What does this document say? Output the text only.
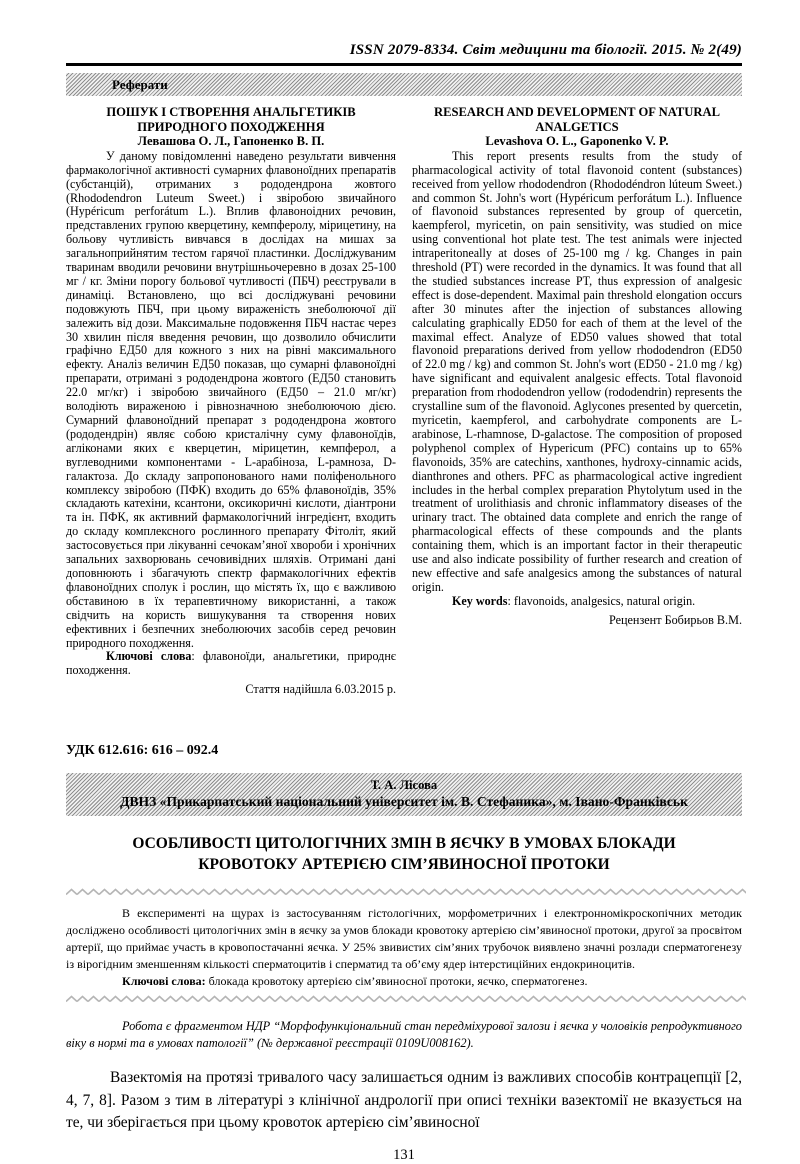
ISSN 2079-8334. Світ медицини та біології. 2015. № 2(49)
Реферати
ПОШУК І СТВОРЕННЯ АНАЛЬГЕТИКІВ ПРИРОДНОГО ПОХОДЖЕННЯ
Левашова О. Л., Гапоненко В. П.

У даному повідомленні наведено результати вивчення фармакологічної активності сумарних флавоноїдних препаратів (субстанцій), отриманих з рододендрона жовтого (Rhododendron Luteum Sweet.) і звіробою звичайного (Hypéricum perforátum L.). Вплив флавоноідних речовин, представлених групою кверцетину, кемпферолу, мірицетину, на больову чутливість вивчався в дослідах на мишах за загальноприйнятим тестом гарячої пластинки. Досліджуваним тваринам вводили речовини внутрішньочеревно в дозах 25-100 мг / кг. Зміни порогу больової чутливості (ПБЧ) реєстрували в динаміці. Встановлено, що всі досліджувані речовини подовжують ПБЧ, при цьому вираженість знеболюючої дії залежить від дози. Максимальне подовження ПБЧ настає через 30 хвилин після введення речовин, що дозволило обчислити графічно ЕД50 для кожного з них на рівні максимального ефекту. Аналіз величин ЕД50 показав, що сумарні флавоноїдні препарати, отримані з рододендрона жовтого (ЕД50 становить 22.0 мг/кг) і звіробою звичайного (ЕД50 – 21.0 мг/кг) володіють вираженою і рівнозначною знеболюючою дією. Сумарний флавоноїдний препарат з рододендрона жовтого (рододендрін) являє собою кристалічну суму флавоноїдів, агліконами яких є кверцетин, мірицетин, кемпферол, а вуглеводними компонентами - L-арабіноза, L-рамноза, D-галактоза. До складу запропонованого нами поліфенольного комплексу звіробою (ПФК) входить до 65% флавоноїдів, 35% складають катехіни, ксантони, оксикоричні кислоти, діантрони та ін. ПФК, як активний фармакологічний інгредієнт, входить до складу комплексного рослинного препарату Фітоліт, який застосовується при лікуванні сечокам’яної хвороби і хронічних запальних захворювань сечовивідних шляхів. Отримані дані доповнюють і збагачують спектр фармакологічних ефектів флавоноїдних сполук і рослин, що містять їх, що є важливою обставиною в їх терапевтичному використанні, а також свідчить на користь вишукування та створення нових ефективних і безпечних знеболюючих засобів серед речовин природного походження.

Ключові слова: флавоноїди, анальгетики, природнє походження.

Стаття надійшла 6.03.2015 р.
RESEARCH AND DEVELOPMENT OF NATURAL ANALGETICS
Levashova O. L., Gaponenko V. P.

This report presents results from the study of pharmacological activity of total flavonoid content (substances) received from yellow rhododendron (Rhododéndron lúteum Sweet.) and common St. John's wort (Hypéricum perforátum L.). Influence of flavonoid substances represented by group of quercetin, kaempferol, myricetin, on pain sensitivity, was studied on mice using conventional hot plate test. The test animals were injected intraperitoneally at doses of 25-100 mg / kg. Changes in pain threshold (PT) were recorded in the dynamics. It was found that all the studied substances increase PT, thus expression of analgesic effect is dose-dependent. Maximal pain threshold elongation occurs after 30 minutes after the injection of substances allowing calculating graphically ED50 for each of them at the level of the maximal effect. Analyze of ED50 values showed that total flavonoid preparations derived from yellow rhododendron (ED50 of 22.0 mg / kg) and common St. John's wort (ED50 - 21.0 mg / kg) have significant and equivalent analgesic effects. Total flavonoid preparation from rhododendron yellow (rododendrin) represents the crystalline sum of the flavonoid. Aglycones presented by quercetin, myricetin, kaempferol, and carbohydrate components are L-arabinose, L-rhamnose, D-galactose. The composition of proposed polyphenol complex of Hypericum (PFC) contains up to 65% flavonoids, 35% are catechins, xanthones, hydroxy-cinnamic acids, dianthrones and others. PFC as pharmacological active ingredient includes in the herbal complex preparation Phytolytum used in the treatment of urolithiasis and chronic inflammatory diseases of the urinary tract. The obtained data complete and enrich the range of pharmacological effects of these compounds and the plants containing them, which is an important factor in their therapeutic use and also indicate possibility of further research and creation of new effective and safe analgesics among the substances of natural origin.

Key words: flavonoids, analgesics, natural origin.

Рецензент Бобирьов В.М.
УДК 612.616: 616 – 092.4
Т. А. Лісова
ДВНЗ «Прикарпатський національний університет ім. В. Стефаника», м. Івано-Франківськ
ОСОБЛИВОСТІ ЦИТОЛОГІЧНИХ ЗМІН В ЯЄЧКУ В УМОВАХ БЛОКАДИ КРОВОТОКУ АРТЕРІЄЮ СІМ’ЯВИНОСНОЇ ПРОТОКИ

В експерименті на щурах із застосуванням гістологічних, морфометричних і електронномікроскопічних методик досліджено особливості цитологічних змін в яєчку за умов блокади кровотоку артерією сім’явиносної протоки, другої за просвітом артерії, що приймає участь в кровопостачанні яєчка. У 25% звивистих сім’яних трубочок виявлено значні розлади сперматогенезу із вірогідним зменшенням кількості сперматоцитів і сперматид та об’єму ядер інтерстиційних ендокриноцитів.

Ключові слова: блокада кровотоку артерією сім’явиносної протоки, яєчко, сперматогенез.

Робота є фрагментом НДР “Морфофункціональний стан передміхурової залози і яєчка у чоловіків репродуктивного віку в нормі та в умовах патології” (№ державної реєстрації 0109U008162).

Вазектомія на протязі тривалого часу залишається одним із важливих способів контрацепції [2, 4, 7, 8]. Разом з тим в літературі з клінічної андрології при описі техніки вазектомії не вказується на те, чи зберігається при цьому кровоток артерією сім’явиносної

131
